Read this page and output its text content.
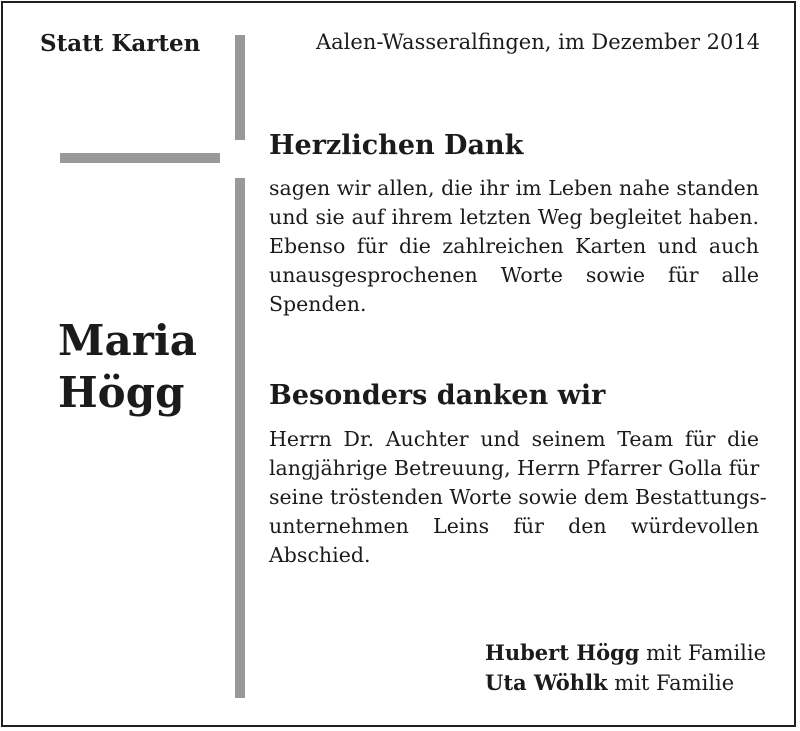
Statt Karten	Aalen-Wasseralfingen, im Dezember 2014
Maria
Högg
Herzlichen Dank
sagen wir allen, die ihr im Leben nahe standen
und sie auf ihrem letzten Weg begleitet haben.
Ebenso für die zahlreichen Karten und auch
unausgesprochenen Worte sowie für alle
Spenden.
Besonders danken wir
Herrn Dr. Auchter und seinem Team für die
langjährige Betreuung, Herrn Pfarrer Golla für
seine tröstenden Worte sowie dem Bestattungs-
unternehmen Leins für den würdevollen
Abschied.
Hubert Högg mit Familie
Uta Wöhlk mit Familie
